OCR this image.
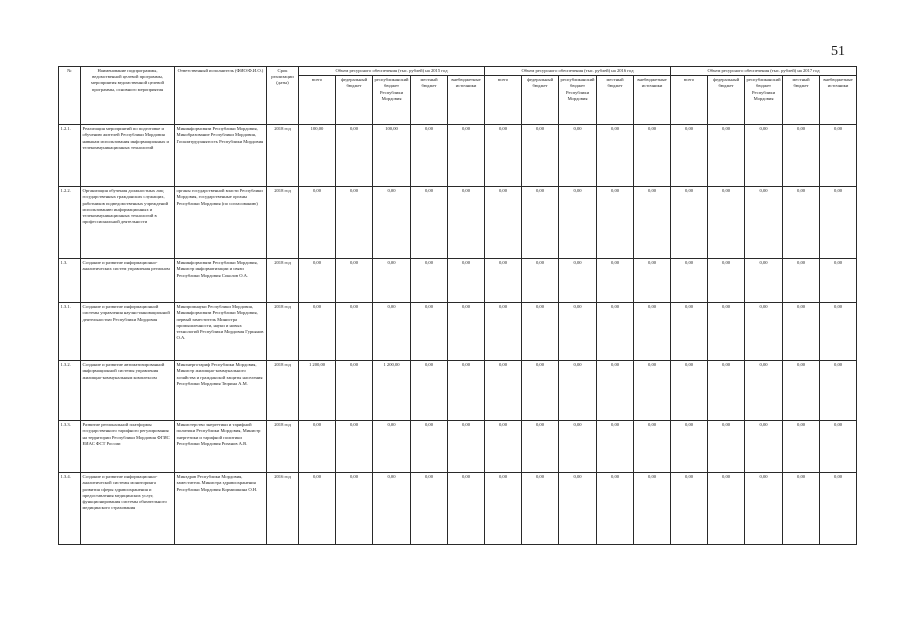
51
№	Наименование подпрограммы, ведомственной целевой программы, мероприятия ведомственной целевой программы, основного мероприятия	Ответственный исполнитель (ФИО/Ф.И.О.)	Срок реализации (даты)	Объем ресурсного обеспечения (тыс. рублей) на 2015 год					Объем ресурсного обеспечения (тыс. рублей) на 2016 год					Объем ресурсного обеспечения (тыс. рублей) на 2017 год				
				всего	федеральный бюджет	республиканский бюджет Республики Мордовия	местный бюджет	внебюджетные источники	всего	федеральный бюджет	республиканский бюджет Республики Мордовия	местный бюджет	внебюджетные источники	всего	федеральный бюджет	республиканский бюджет Республики Мордовия	местный бюджет	внебюджетные источники
1.2.1.	Реализация мероприятий по подготовке и обучению жителей Республики Мордовия навыкам использования информационных и телекоммуникационных технологий	Мининформсвязи Республики Мордовия, Минобразование Республики Мордовия, Госкомтрудзанятость Республики Мордовия	2018 год	100,00	0,00	100,00	0,00	0,00	0,00	0,00	0,00	0,00	0,00	0,00	0,00	0,00	0,00	0,00
1.2.2.	Организация обучения должностных лиц государственных гражданских служащих, работников подведомственных учреждений использованию информационных и телекоммуникационных технологий в профессиональной деятельности	органы государственной власти Республики Мордовия, государственные органы Республики Мордовия (по согласованию)	2018 год	0,00	0,00	0,00	0,00	0,00	0,00	0,00	0,00	0,00	0,00	0,00	0,00	0,00	0,00	0,00
1.3.	Создание и развитие информационно-аналитических систем управления регионом	Мининформсвязи Республики Мордовия, Министр информатизации и связи Республики Мордовия Соколов О.А.	2018 год	0,00	0,00	0,00	0,00	0,00	0,00	0,00	0,00	0,00	0,00	0,00	0,00	0,00	0,00	0,00
1.3.1.	Создание и развитие информационной системы управления научно-инновационной деятельностью Республики Мордовия	Минпромнауки Республики Мордовия, Мининформсвязи Республики Мордовия, первый заместитель Министра промышленности, науки и новых технологий Республики Мордовия Гурьянов О.А.	2018 год	0,00	0,00	0,00	0,00	0,00	0,00	0,00	0,00	0,00	0,00	0,00	0,00	0,00	0,00	0,00
1.3.2.	Создание и развитие автоматизированной информационной системы управления жилищно-коммунальным комплексом	Минэнерготариф Республики Мордовия, Министр жилищно-коммунального хозяйства и гражданской защиты населения Республики Мордовия Тюрина А.М.	2018 год	1 200,00	0,00	1 200,00	0,00	0,00	0,00	0,00	0,00	0,00	0,00	0,00	0,00	0,00	0,00	0,00
1.3.3.	Развитие региональной платформы государственного тарифного регулирования на территории Республики Мордовия ФГИС ЕИАС ФСТ России	Министерство энергетики и тарифной политики Республики Мордовия, Министр энергетики и тарифной политики Республики Мордовия Ризанов А.В.	2018 год	0,00	0,00	0,00	0,00	0,00	0,00	0,00	0,00	0,00	0,00	0,00	0,00	0,00	0,00	0,00
1.3.4.	Создание и развитие информационно-аналитической системы мониторинга развития сферы здравоохранения и предоставления медицинских услуг, функционирования системы обязательного медицинского страхования	Минздрав Республики Мордовия, заместитель Министра здравоохранения Республики Мордовия Кормишкина О.Н.	2016 год	0,00	0,00	0,00	0,00	0,00	0,00	0,00	0,00	0,00	0,00	0,00	0,00	0,00	0,00	0,00
